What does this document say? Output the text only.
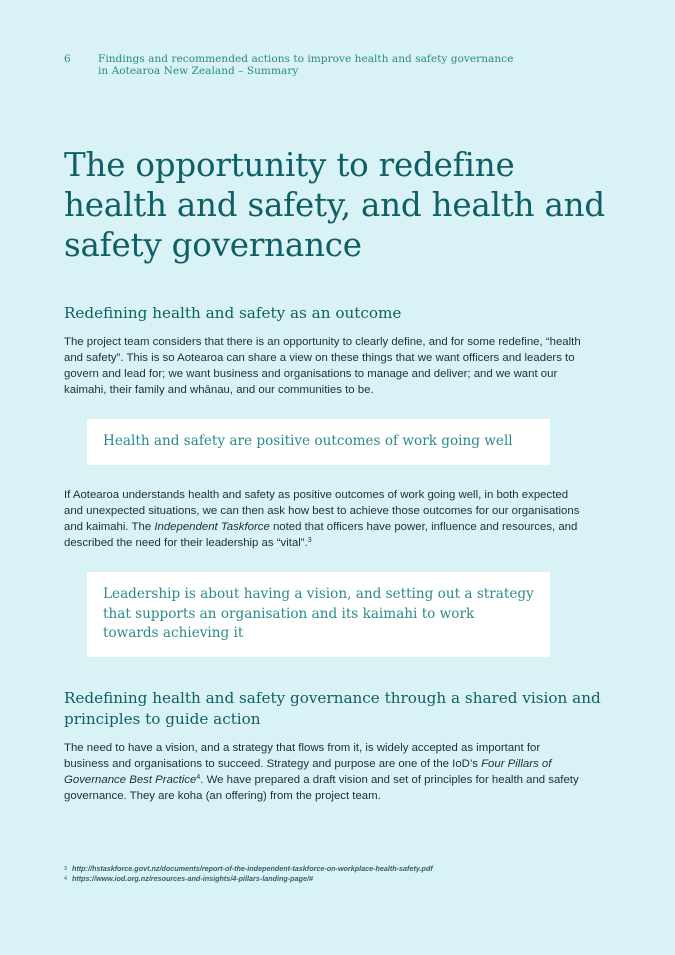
6	Findings and recommended actions to improve health and safety governance
in Aotearoa New Zealand – Summary
The opportunity to redefine health and safety, and health and safety governance
Redefining health and safety as an outcome

The project team considers that there is an opportunity to clearly define, and for some redefine, “health and safety”. This is so Aotearoa can share a view on these things that we want officers and leaders to govern and lead for; we want business and organisations to manage and deliver; and we want our kaimahi, their family and whānau, and our communities to be.

Health and safety are positive outcomes of work going well

If Aotearoa understands health and safety as positive outcomes of work going well, in both expected and unexpected situations, we can then ask how best to achieve those outcomes for our organisations and kaimahi. The Independent Taskforce noted that officers have power, influence and resources, and described the need for their leadership as “vital”.$^3$

Leadership is about having a vision, and setting out a strategy that supports an organisation and its kaimahi to work towards achieving it
Redefining health and safety governance through a shared vision and principles to guide action

The need to have a vision, and a strategy that flows from it, is widely accepted as important for business and organisations to succeed. Strategy and purpose are one of the IoD’s Four Pillars of Governance Best Practice$^4$. We have prepared a draft vision and set of principles for health and safety governance. They are koha (an offering) from the project team.

3 http://hstaskforce.govt.nz/documents/report-of-the-independent-taskforce-on-workplace-health-safety.pdf
4 https://www.iod.org.nz/resources-and-insights/4-pillars-landing-page/#
